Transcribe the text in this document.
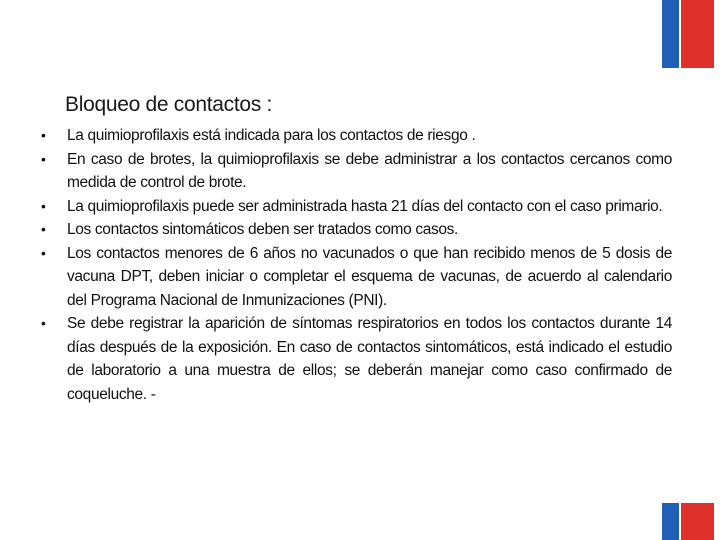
Bloqueo de contactos :
• La quimioprofilaxis está indicada para los contactos de riesgo .
• En caso de brotes, la quimioprofilaxis se debe administrar a los contactos cercanos como medida de control de brote.
• La quimioprofilaxis puede ser administrada hasta 21 días del contacto con el caso primario.
• Los contactos sintomáticos deben ser tratados como casos.
• Los contactos menores de 6 años no vacunados o que han recibido menos de 5 dosis de vacuna DPT, deben iniciar o completar el esquema de vacunas, de acuerdo al calendario del Programa Nacional de Inmunizaciones (PNI).
• Se debe registrar la aparición de síntomas respiratorios en todos los contactos durante 14 días después de la exposición. En caso de contactos sintomáticos, está indicado el estudio de laboratorio a una muestra de ellos; se deberán manejar como caso confirmado de coqueluche. -
